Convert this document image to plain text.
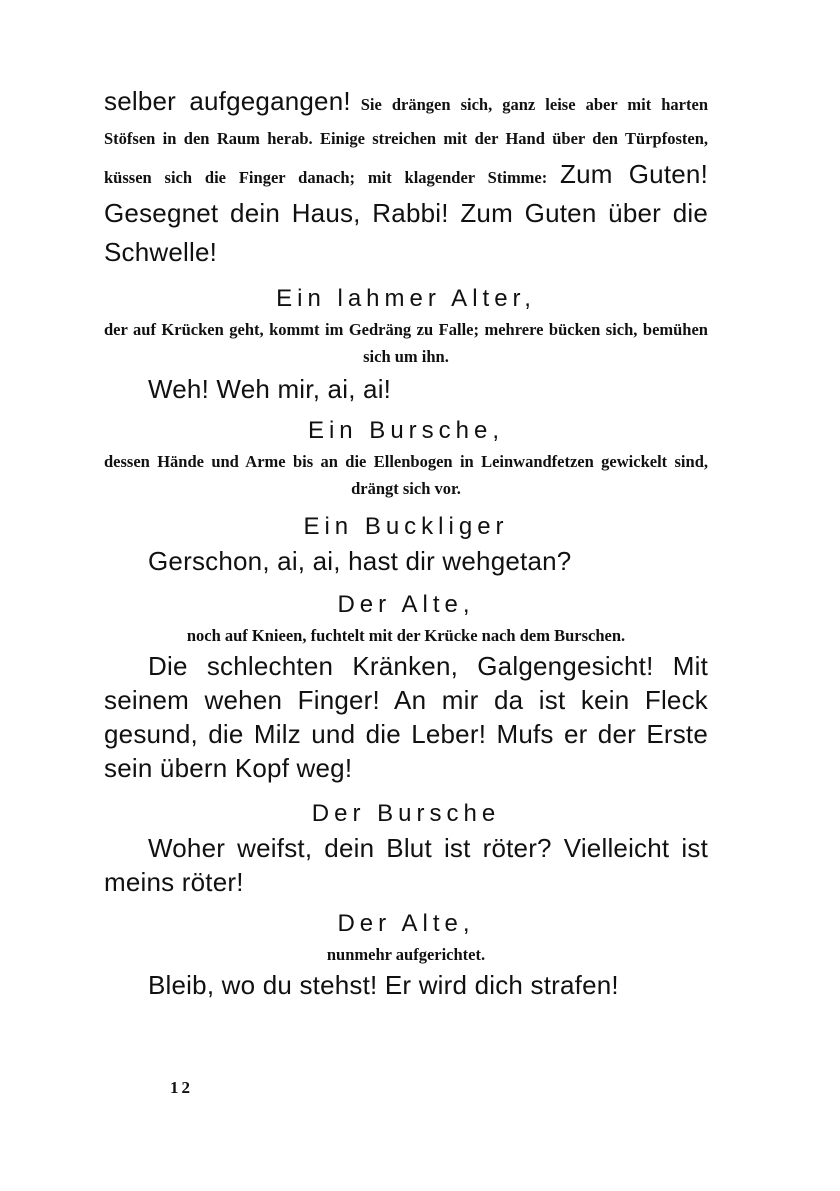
selber aufgegangen! Sie drängen sich, ganz leise aber mit harten Stöfsen in den Raum herab. Einige streichen mit der Hand über den Türpfosten, küssen sich die Finger danach; mit klagender Stimme: Zum Guten! Gesegnet dein Haus, Rabbi! Zum Guten über die Schwelle!

Ein lahmer Alter,

der auf Krücken geht, kommt im Gedräng zu Falle; mehrere bücken sich, bemühen sich um ihn.

Weh! Weh mir, ai, ai!

Ein Bursche,

dessen Hände und Arme bis an die Ellenbogen in Leinwandfetzen gewickelt sind, drängt sich vor.

Ein Buckliger

Gerschon, ai, ai, hast dir wehgetan?

Der Alte,

noch auf Knieen, fuchtelt mit der Krücke nach dem Burschen.

Die schlechten Kränken, Galgengesicht! Mit seinem wehen Finger! An mir da ist kein Fleck gesund, die Milz und die Leber! Mufs er der Erste sein übern Kopf weg!

Der Bursche

Woher weifst, dein Blut ist röter? Vielleicht ist meins röter!

Der Alte,

nunmehr aufgerichtet.

Bleib, wo du stehst! Er wird dich strafen!

12
